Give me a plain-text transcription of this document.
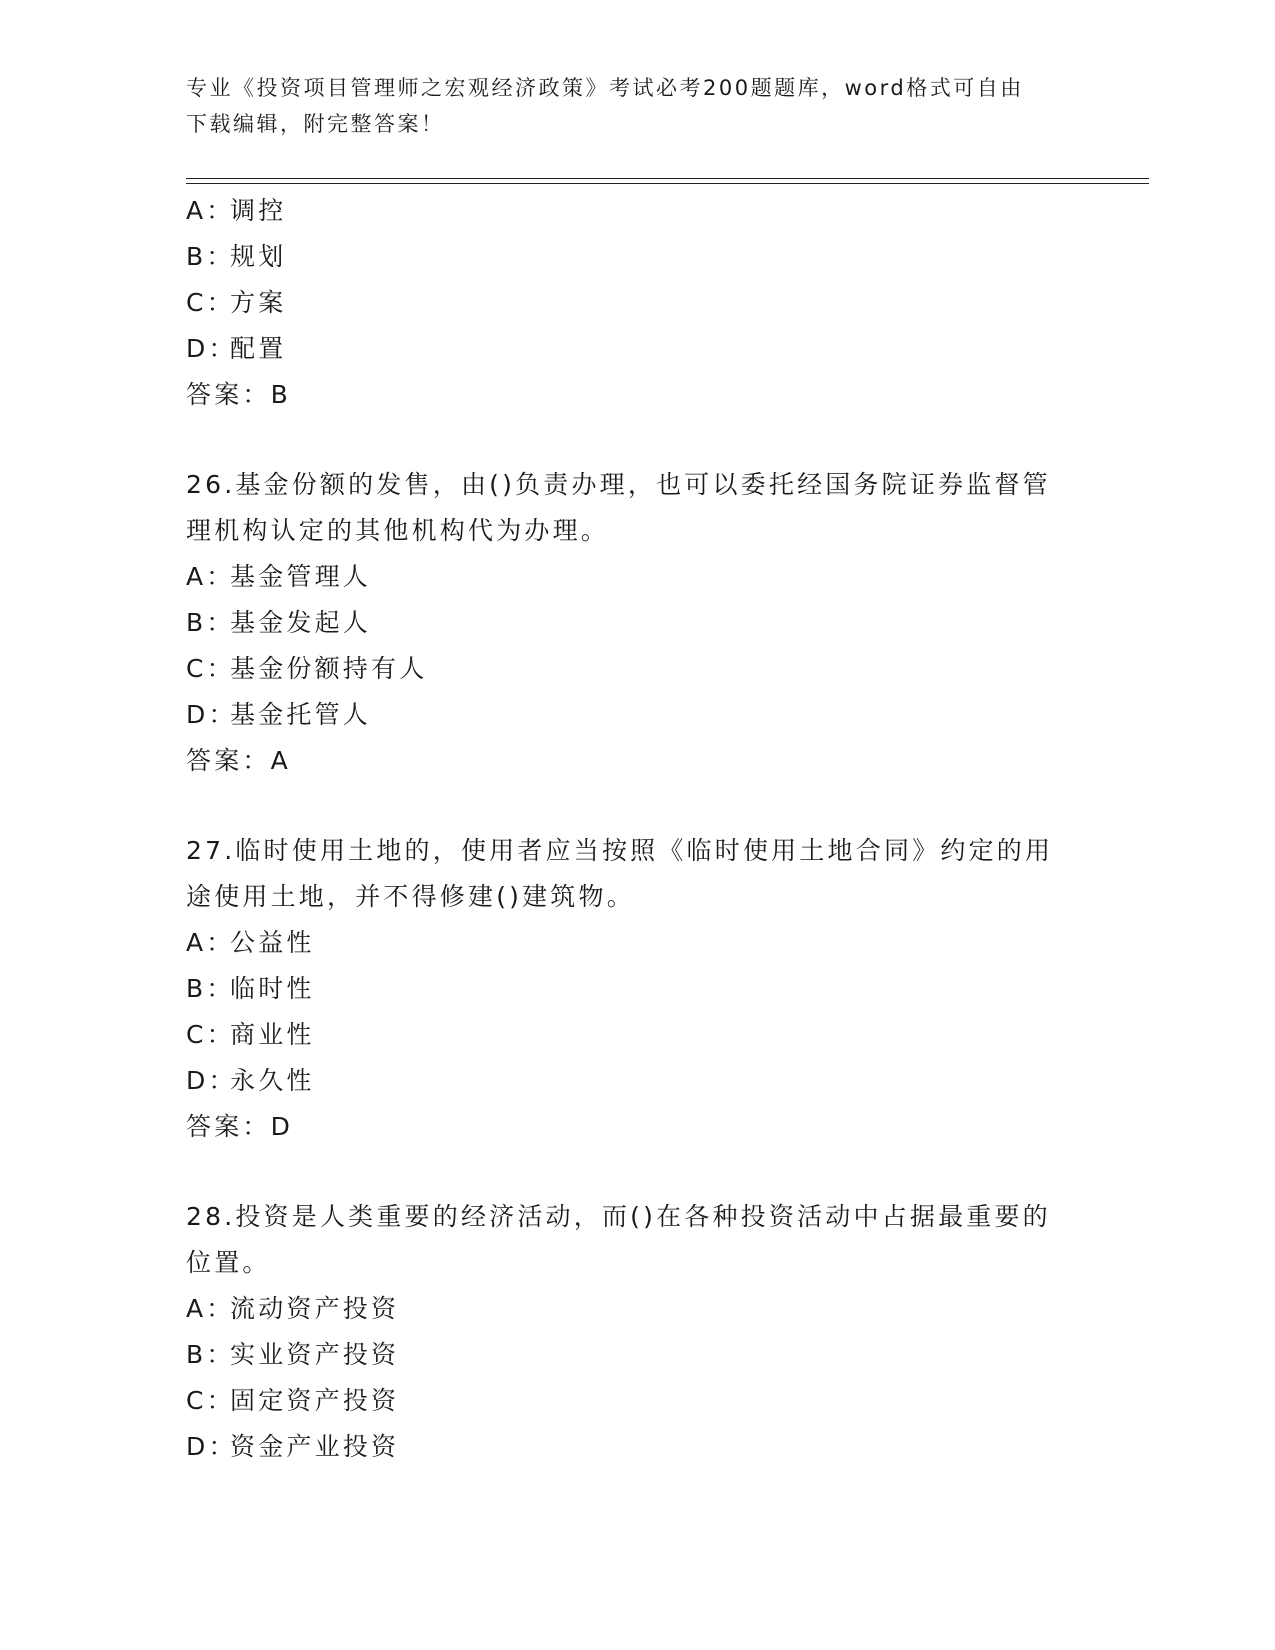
专业《投资项目管理师之宏观经济政策》考试必考200题题库，word格式可自由
下载编辑，附完整答案！
A：调控
B：规划
C：方案
D：配置
答案：B
26.基金份额的发售，由()负责办理，也可以委托经国务院证券监督管
理机构认定的其他机构代为办理。
A：基金管理人
B：基金发起人
C：基金份额持有人
D：基金托管人
答案：A
27.临时使用土地的，使用者应当按照《临时使用土地合同》约定的用
途使用土地，并不得修建()建筑物。
A：公益性
B：临时性
C：商业性
D：永久性
答案：D
28.投资是人类重要的经济活动，而()在各种投资活动中占据最重要的
位置。
A：流动资产投资
B：实业资产投资
C：固定资产投资
D：资金产业投资
